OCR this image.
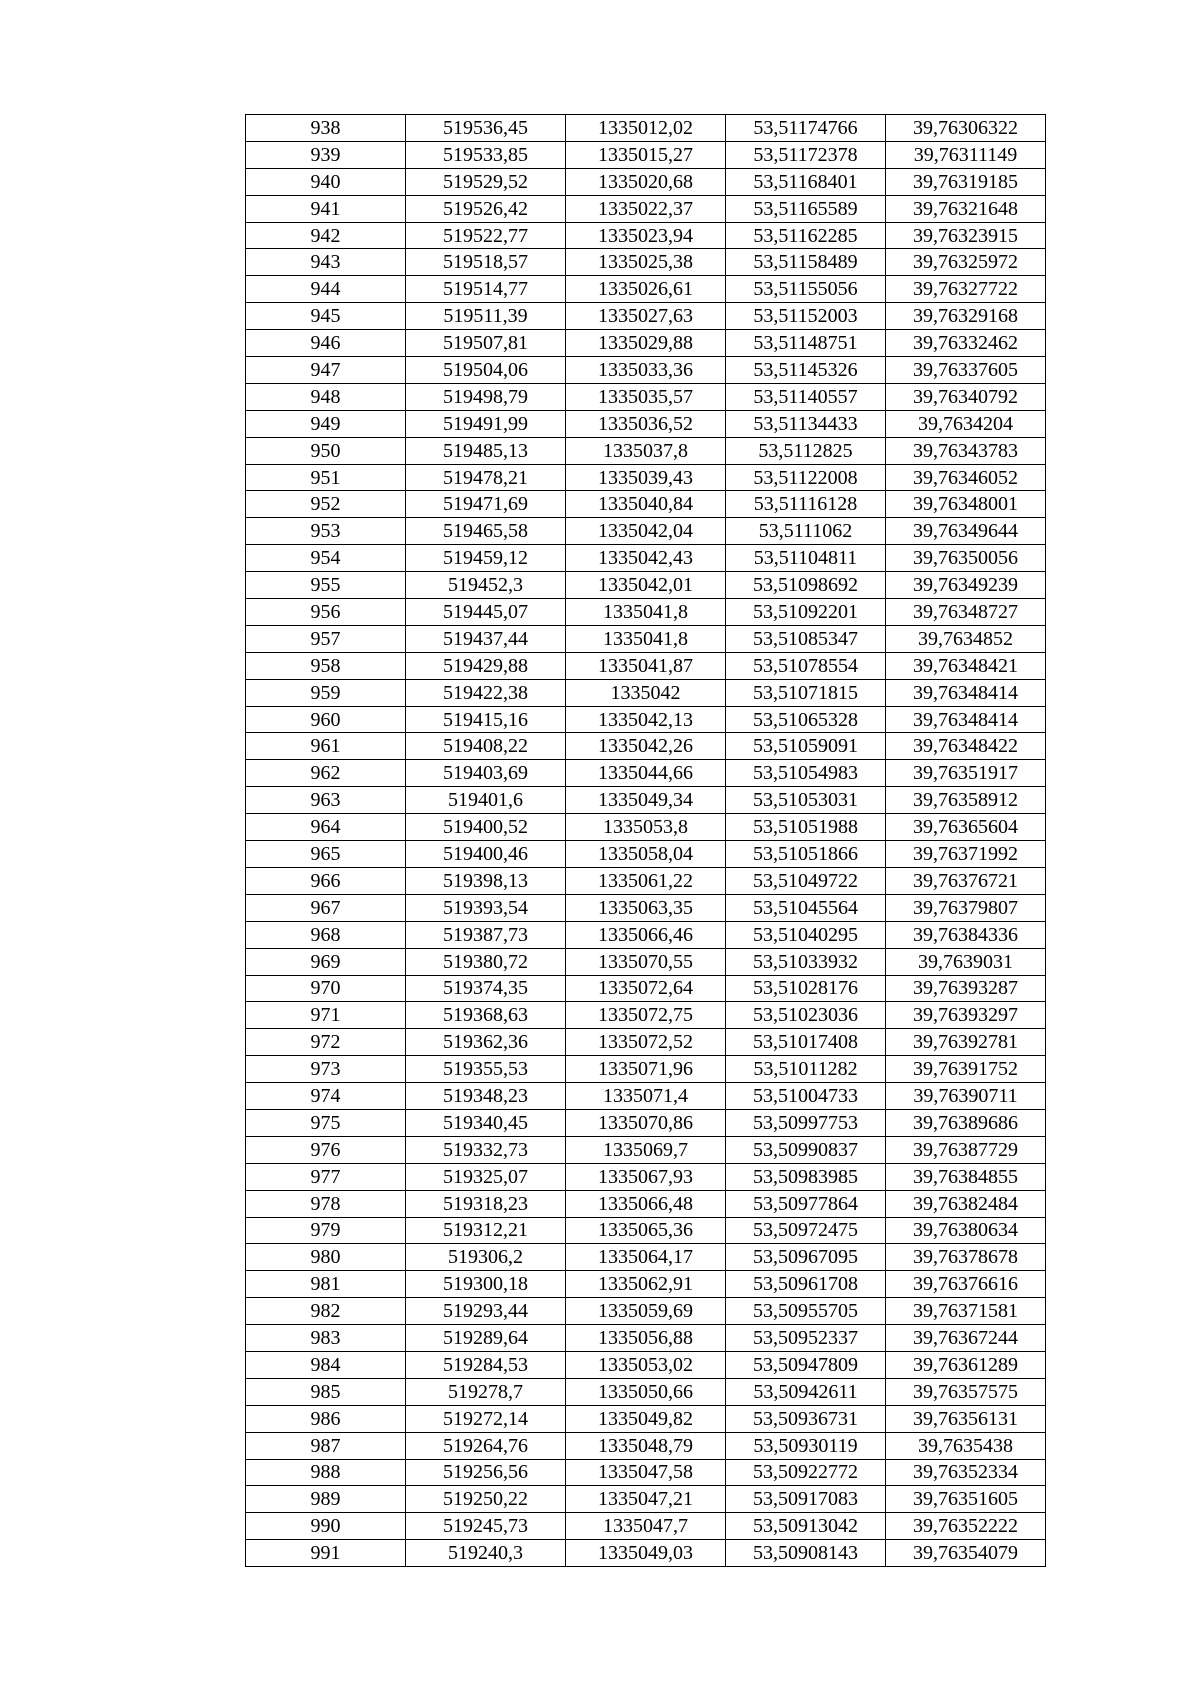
938	519536,45	1335012,02	53,51174766	39,76306322
939	519533,85	1335015,27	53,51172378	39,76311149
940	519529,52	1335020,68	53,51168401	39,76319185
941	519526,42	1335022,37	53,51165589	39,76321648
942	519522,77	1335023,94	53,51162285	39,76323915
943	519518,57	1335025,38	53,51158489	39,76325972
944	519514,77	1335026,61	53,51155056	39,76327722
945	519511,39	1335027,63	53,51152003	39,76329168
946	519507,81	1335029,88	53,51148751	39,76332462
947	519504,06	1335033,36	53,51145326	39,76337605
948	519498,79	1335035,57	53,51140557	39,76340792
949	519491,99	1335036,52	53,51134433	39,7634204
950	519485,13	1335037,8	53,5112825	39,76343783
951	519478,21	1335039,43	53,51122008	39,76346052
952	519471,69	1335040,84	53,51116128	39,76348001
953	519465,58	1335042,04	53,5111062	39,76349644
954	519459,12	1335042,43	53,51104811	39,76350056
955	519452,3	1335042,01	53,51098692	39,76349239
956	519445,07	1335041,8	53,51092201	39,76348727
957	519437,44	1335041,8	53,51085347	39,7634852
958	519429,88	1335041,87	53,51078554	39,76348421
959	519422,38	1335042	53,51071815	39,76348414
960	519415,16	1335042,13	53,51065328	39,76348414
961	519408,22	1335042,26	53,51059091	39,76348422
962	519403,69	1335044,66	53,51054983	39,76351917
963	519401,6	1335049,34	53,51053031	39,76358912
964	519400,52	1335053,8	53,51051988	39,76365604
965	519400,46	1335058,04	53,51051866	39,76371992
966	519398,13	1335061,22	53,51049722	39,76376721
967	519393,54	1335063,35	53,51045564	39,76379807
968	519387,73	1335066,46	53,51040295	39,76384336
969	519380,72	1335070,55	53,51033932	39,7639031
970	519374,35	1335072,64	53,51028176	39,76393287
971	519368,63	1335072,75	53,51023036	39,76393297
972	519362,36	1335072,52	53,51017408	39,76392781
973	519355,53	1335071,96	53,51011282	39,76391752
974	519348,23	1335071,4	53,51004733	39,76390711
975	519340,45	1335070,86	53,50997753	39,76389686
976	519332,73	1335069,7	53,50990837	39,76387729
977	519325,07	1335067,93	53,50983985	39,76384855
978	519318,23	1335066,48	53,50977864	39,76382484
979	519312,21	1335065,36	53,50972475	39,76380634
980	519306,2	1335064,17	53,50967095	39,76378678
981	519300,18	1335062,91	53,50961708	39,76376616
982	519293,44	1335059,69	53,50955705	39,76371581
983	519289,64	1335056,88	53,50952337	39,76367244
984	519284,53	1335053,02	53,50947809	39,76361289
985	519278,7	1335050,66	53,50942611	39,76357575
986	519272,14	1335049,82	53,50936731	39,76356131
987	519264,76	1335048,79	53,50930119	39,7635438
988	519256,56	1335047,58	53,50922772	39,76352334
989	519250,22	1335047,21	53,50917083	39,76351605
990	519245,73	1335047,7	53,50913042	39,76352222
991	519240,3	1335049,03	53,50908143	39,76354079
